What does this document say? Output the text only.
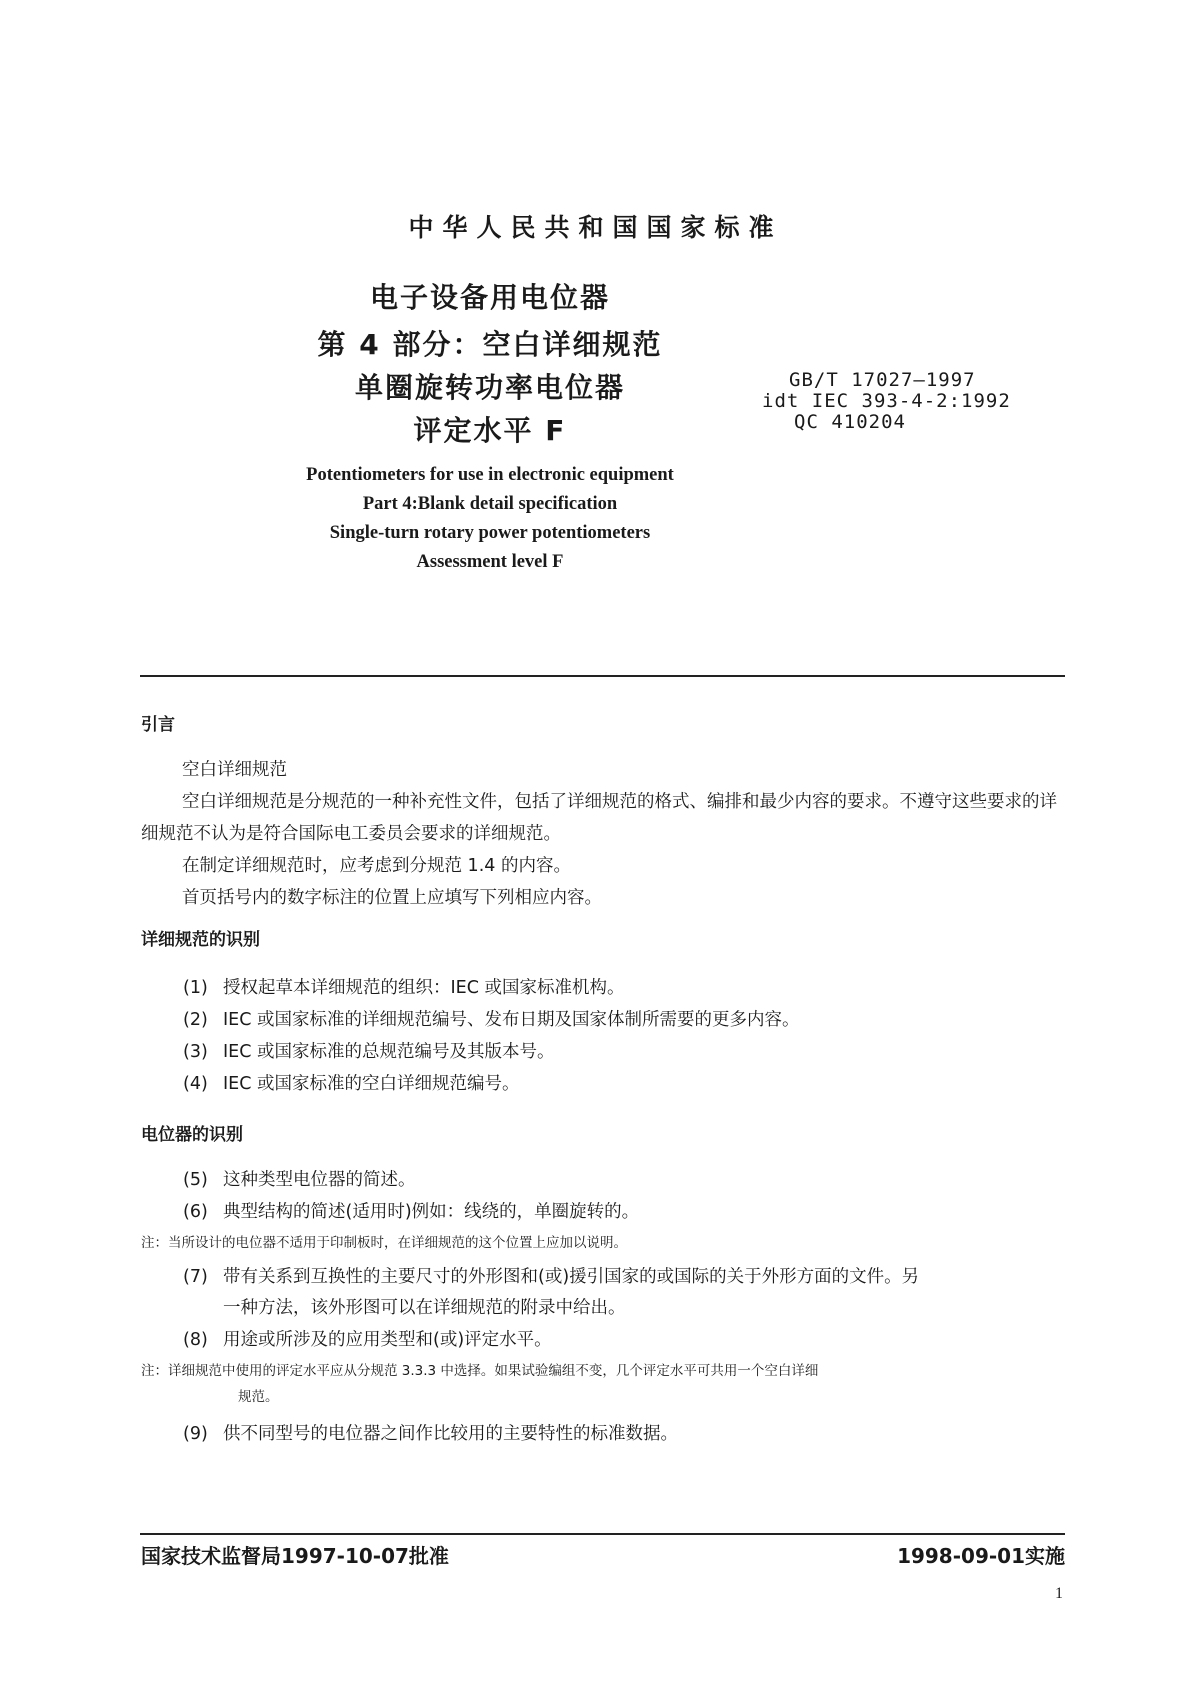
中华人民共和国国家标准
电子设备用电位器
第 4 部分：空白详细规范
单圈旋转功率电位器
评定水平 F
GB/T 17027—1997
idt IEC 393-4-2:1992
QC 410204
Potentiometers for use in electronic equipment
Part 4:Blank detail specification
Single-turn rotary power potentiometers
Assessment level F
引言

空白详细规范

空白详细规范是分规范的一种补充性文件，包括了详细规范的格式、编排和最少内容的要求。不遵守这些要求的详细规范不认为是符合国际电工委员会要求的详细规范。

在制定详细规范时，应考虑到分规范 1.4 的内容。

首页括号内的数字标注的位置上应填写下列相应内容。

详细规范的识别
(1) 授权起草本详细规范的组织：IEC 或国家标准机构。
(2) IEC 或国家标准的详细规范编号、发布日期及国家体制所需要的更多内容。
(3) IEC 或国家标准的总规范编号及其版本号。
(4) IEC 或国家标准的空白详细规范编号。
电位器的识别
(5) 这种类型电位器的简述。
(6) 典型结构的简述(适用时)例如：线绕的，单圈旋转的。
注：当所设计的电位器不适用于印制板时，在详细规范的这个位置上应加以说明。
(7) 带有关系到互换性的主要尺寸的外形图和(或)援引国家的或国际的关于外形方面的文件。另
一种方法，该外形图可以在详细规范的附录中给出。
(8) 用途或所涉及的应用类型和(或)评定水平。
注：详细规范中使用的评定水平应从分规范 3.3.3 中选择。如果试验编组不变，几个评定水平可共用一个空白详细
规范。
(9) 供不同型号的电位器之间作比较用的主要特性的标准数据。
国家技术监督局1997-10-07批准	1998-09-01实施
1
